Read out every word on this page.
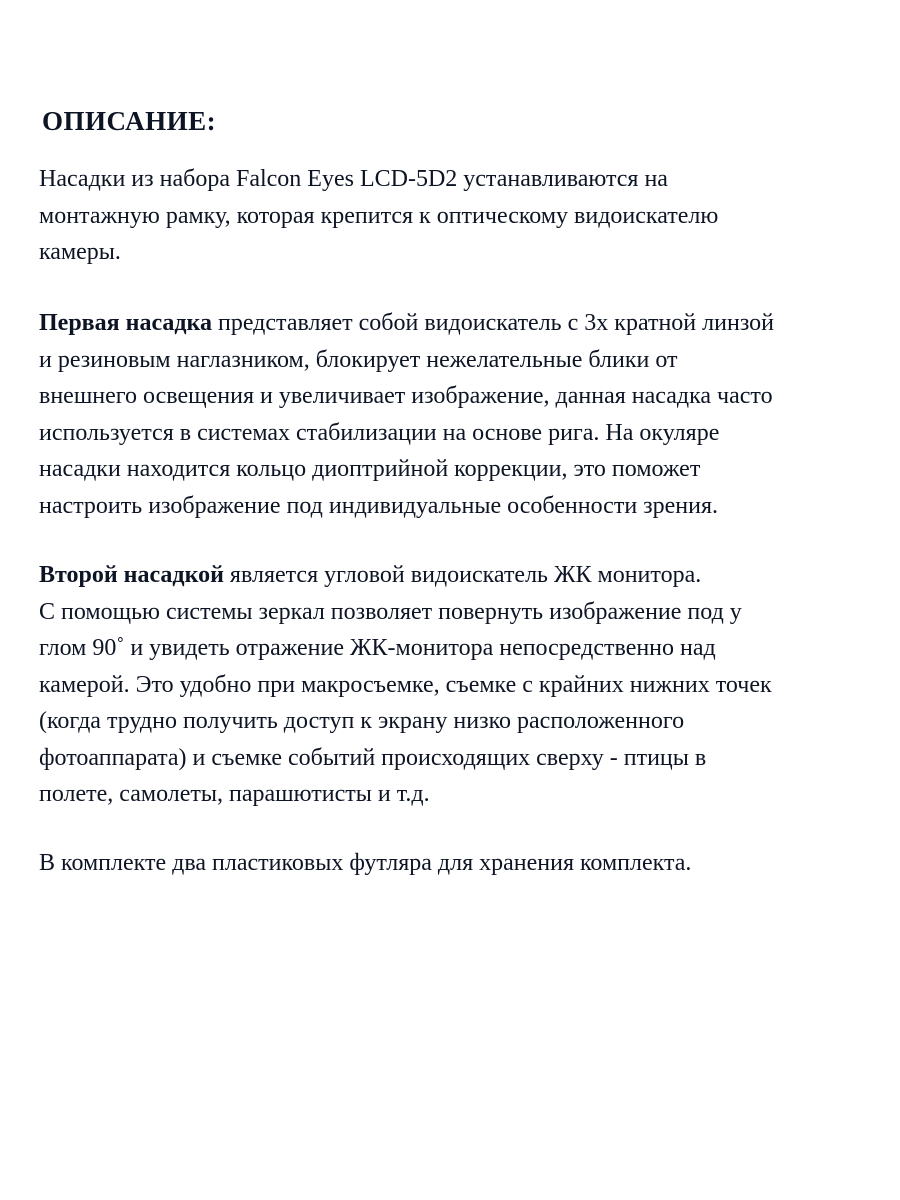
ОПИСАНИЕ:
Насадки из набора Falcon Eyes LCD-5D2 устанавливаются на
монтажную рамку, которая крепится к оптическому видоискателю
камеры.
Первая насадка представляет собой видоискатель с 3х кратной линзой
и резиновым наглазником, блокирует нежелательные блики от
внешнего освещения и увеличивает изображение, данная насадка часто
используется в системах стабилизации на основе рига. На окуляре
насадки находится кольцо диоптрийной коррекции, это поможет
настроить изображение под индивидуальные особенности зрения.
Второй насадкой является угловой видоискатель ЖК монитора.
С помощью системы зеркал позволяет повернуть изображение под у
глом 90˚ и увидеть отражение ЖК-монитора непосредственно над
камерой. Это удобно при макросъемке, съемке с крайних нижних точек
(когда трудно получить доступ к экрану низко расположенного
фотоаппарата) и съемке событий происходящих сверху - птицы в
полете, самолеты, парашютисты и т.д.
В комплекте два пластиковых футляра для хранения комплекта.
